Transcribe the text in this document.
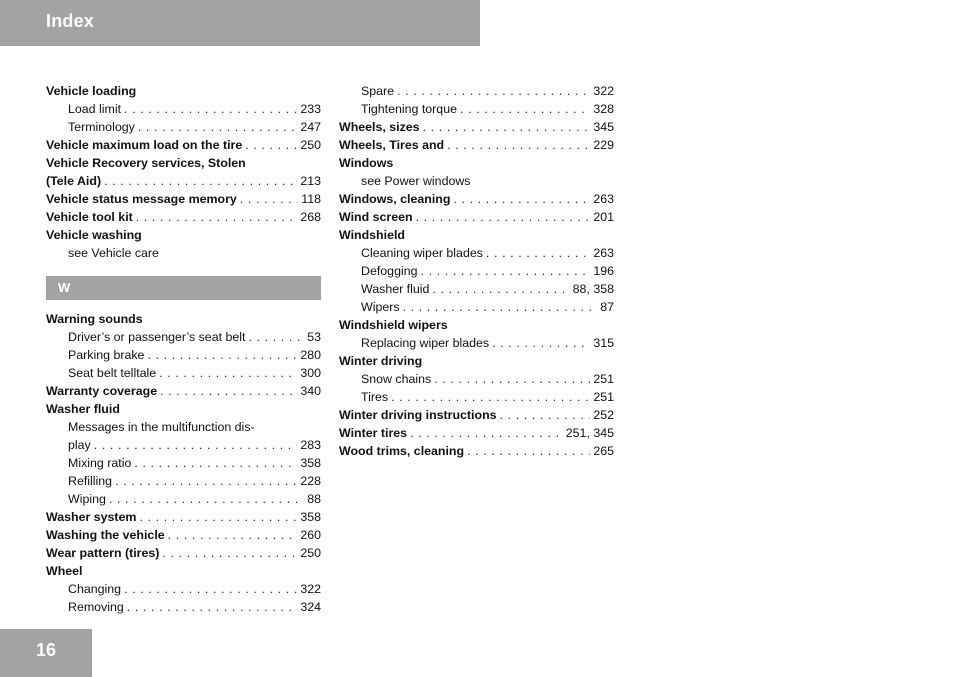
Index
Vehicle loading
Load limit . . .	233
Terminology . . .	247
Vehicle maximum load on the tire . . .	250
Vehicle Recovery services, Stolen
(Tele Aid) . . .	213
Vehicle status message memory . . .	118
Vehicle tool kit . . .	268
Vehicle washing
see Vehicle care
W
Warning sounds
Driver’s or passenger’s seat belt . . .	53
Parking brake . . .	280
Seat belt telltale . . .	300
Warranty coverage . . .	340
Washer fluid
Messages in the multifunction dis-
play . . .	283
Mixing ratio . . .	358
Refilling . . .	228
Wiping . . .	88
Washer system . . .	358
Washing the vehicle . . .	260
Wear pattern (tires) . . .	250
Wheel
Changing . . .	322
Removing . . .	324
Spare . . .	322
Tightening torque . . .	328
Wheels, sizes . . .	345
Wheels, Tires and . . .	229
Windows
see Power windows
Windows, cleaning . . .	263
Wind screen . . .	201
Windshield
Cleaning wiper blades . . .	263
Defogging . . .	196
Washer fluid . . .	88, 358
Wipers . . .	87
Windshield wipers
Replacing wiper blades . . .	315
Winter driving
Snow chains . . .	251
Tires . . .	251
Winter driving instructions . . .	252
Winter tires . . .	251, 345
Wood trims, cleaning . . .	265
16
